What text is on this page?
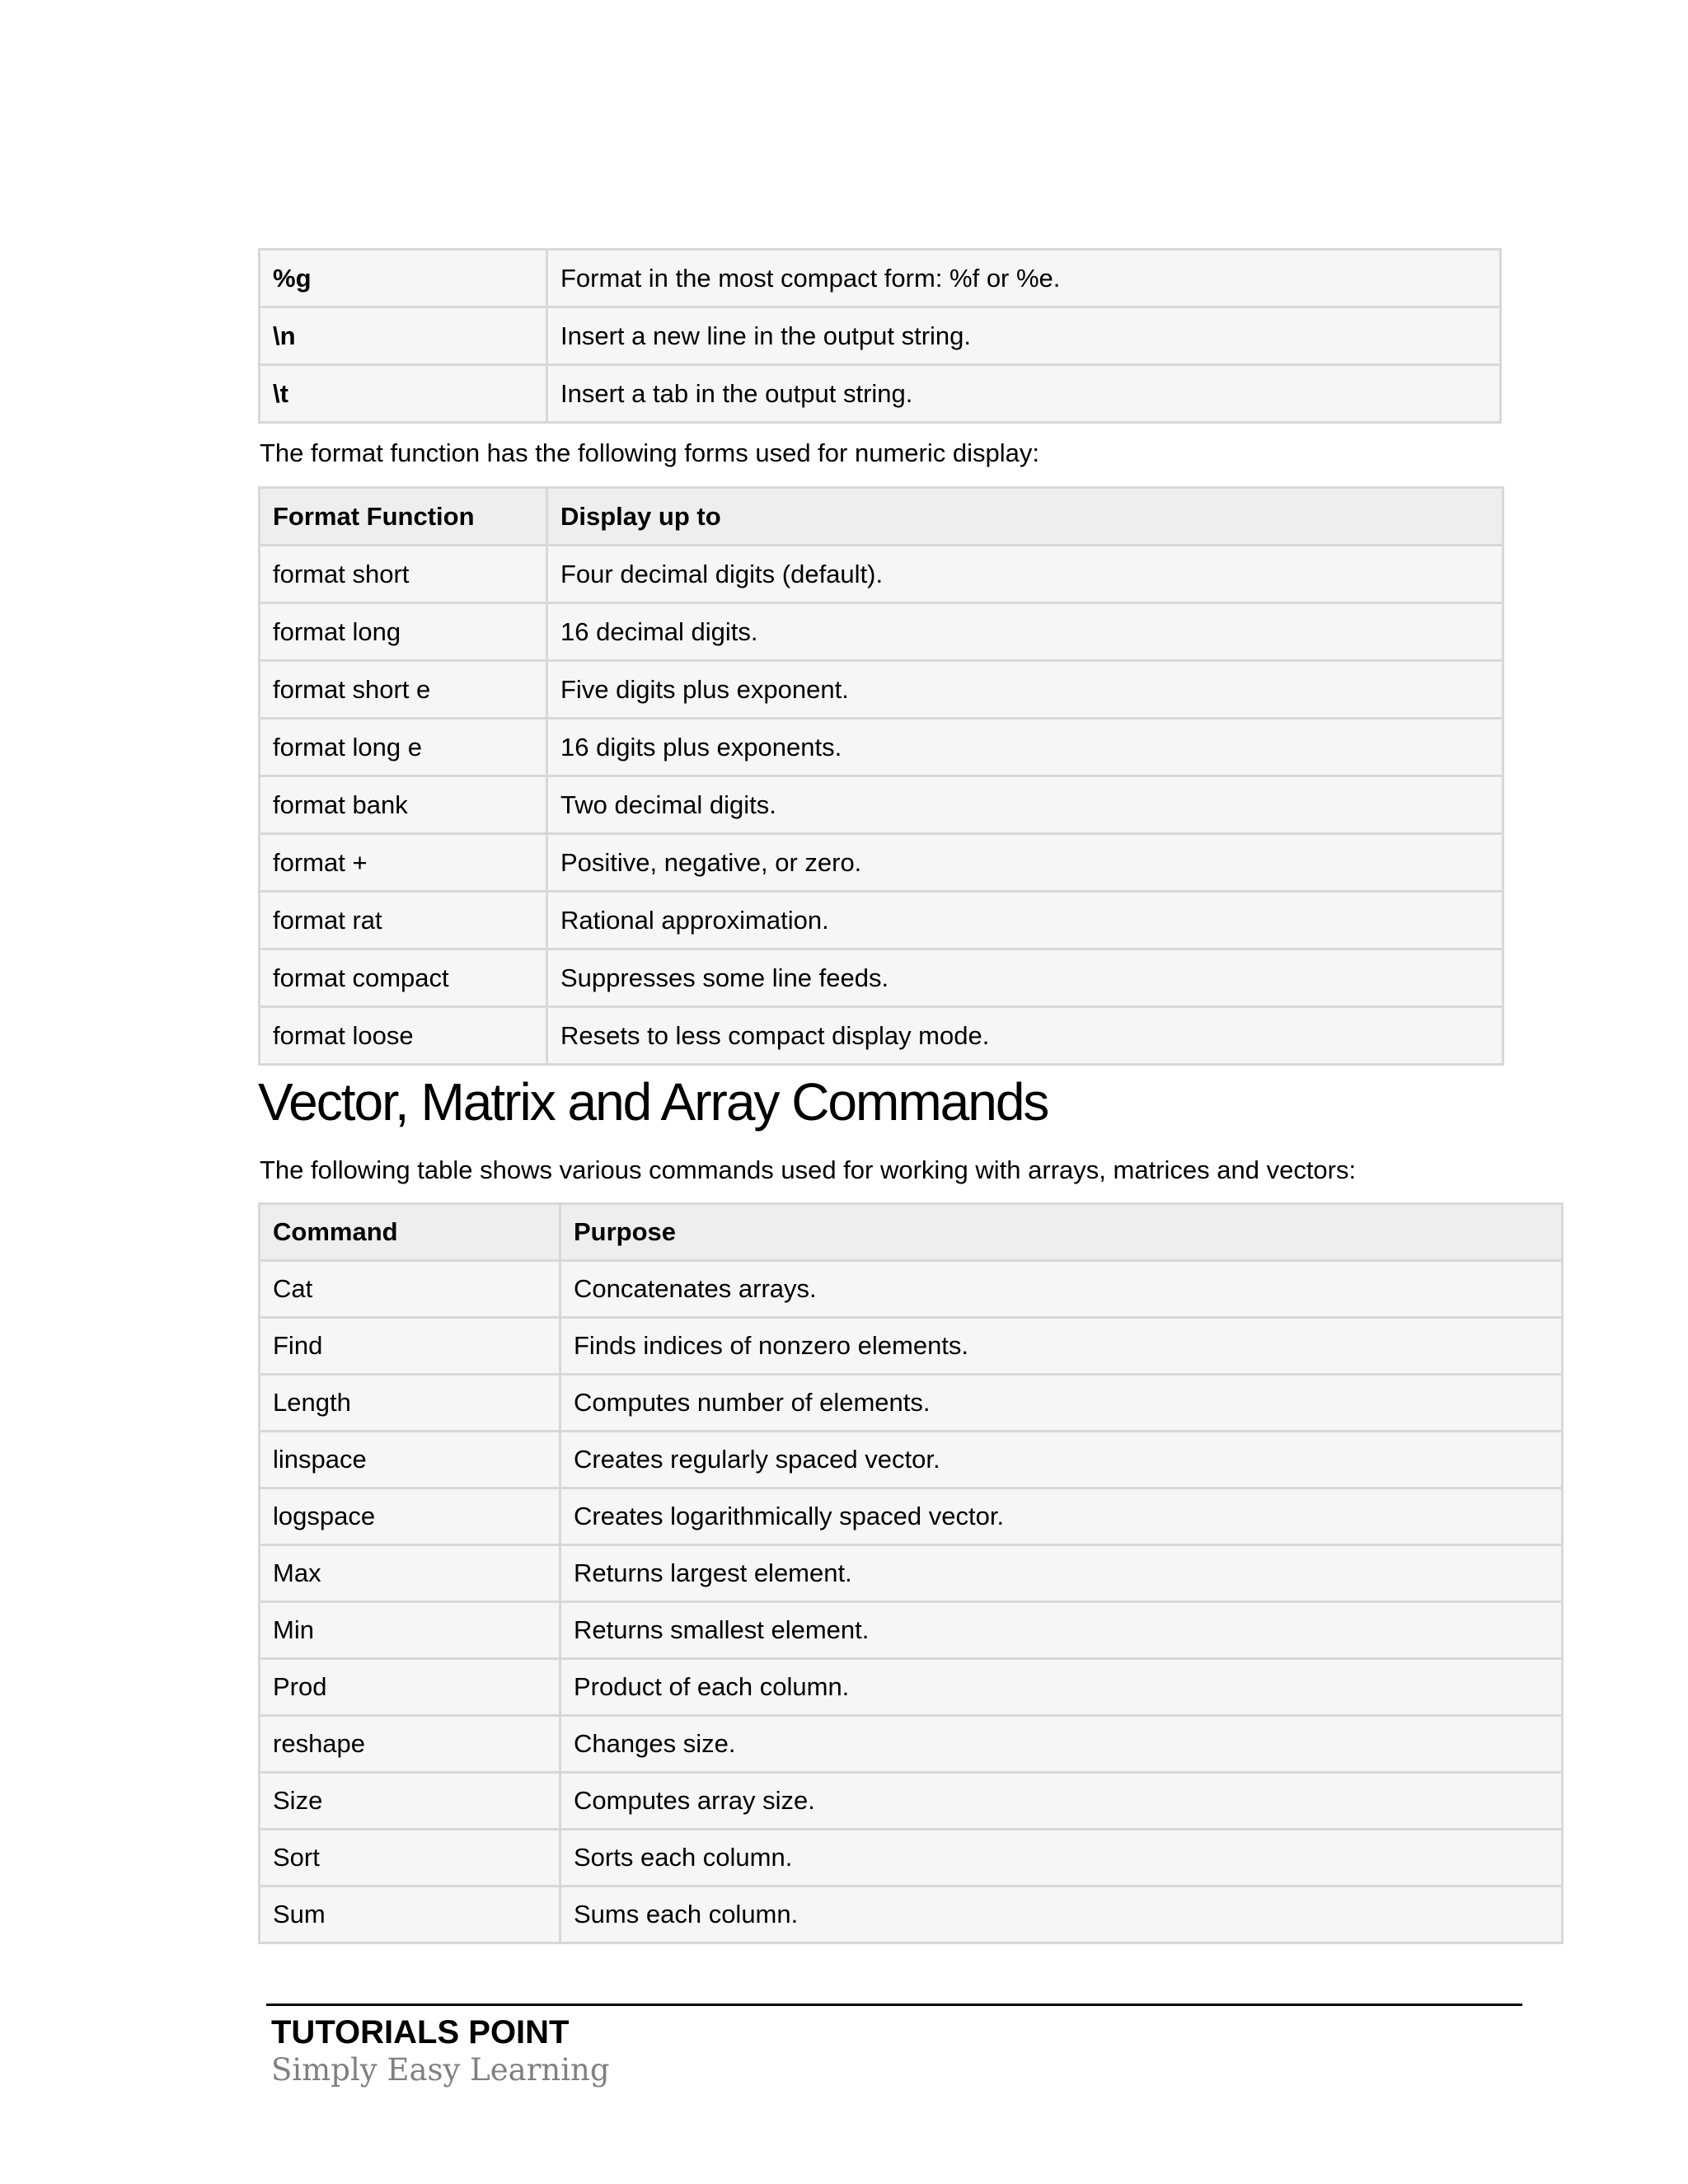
%g	Format in the most compact form: %f or %e.
\n	Insert a new line in the output string.
\t	Insert a tab in the output string.

The format function has the following forms used for numeric display:

Format Function	Display up to
format short	Four decimal digits (default).
format long	16 decimal digits.
format short e	Five digits plus exponent.
format long e	16 digits plus exponents.
format bank	Two decimal digits.
format +	Positive, negative, or zero.
format rat	Rational approximation.
format compact	Suppresses some line feeds.
format loose	Resets to less compact display mode.
Vector, Matrix and Array Commands

The following table shows various commands used for working with arrays, matrices and vectors:

Command	Purpose
Cat	Concatenates arrays.
Find	Finds indices of nonzero elements.
Length	Computes number of elements.
linspace	Creates regularly spaced vector.
logspace	Creates logarithmically spaced vector.
Max	Returns largest element.
Min	Returns smallest element.
Prod	Product of each column.
reshape	Changes size.
Size	Computes array size.
Sort	Sorts each column.
Sum	Sums each column.
TUTORIALS POINT
Simply Easy Learning
